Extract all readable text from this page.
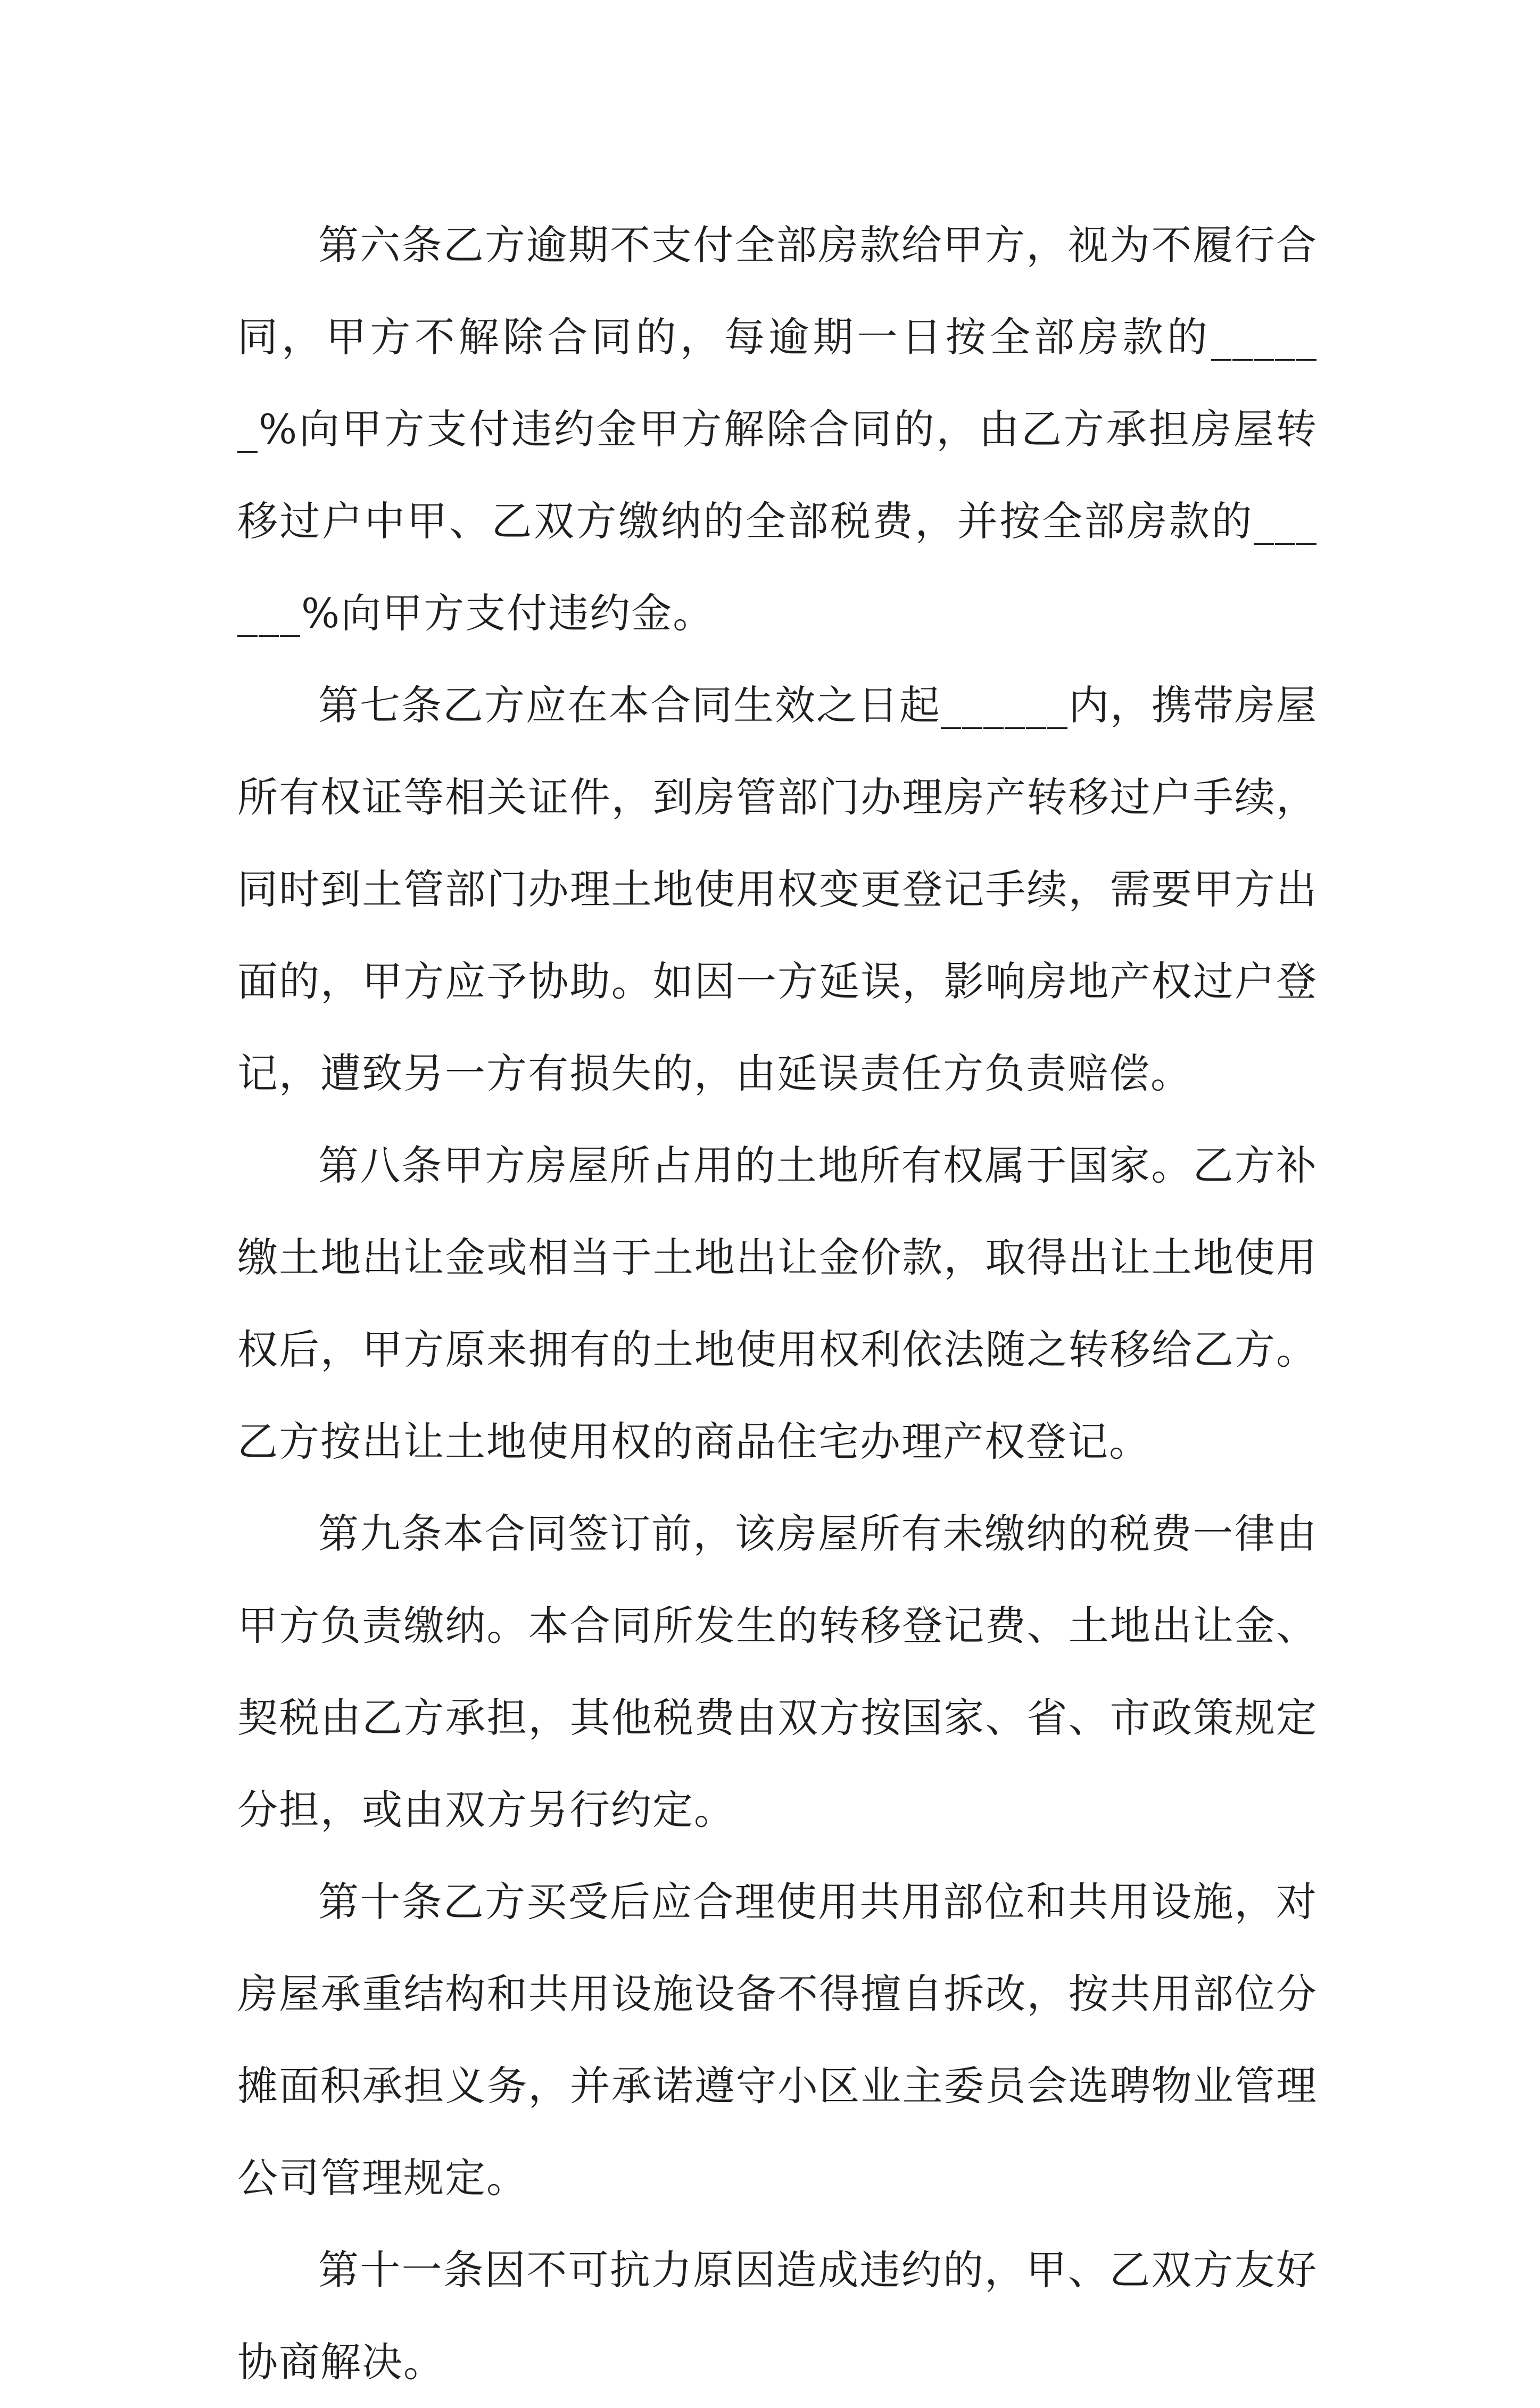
第六条乙方逾期不支付全部房款给甲方，视为不履行合同，甲方不解除合同的，每逾期一日按全部房款的______%向甲方支付违约金甲方解除合同的，由乙方承担房屋转移过户中甲、乙双方缴纳的全部税费，并按全部房款的______%向甲方支付违约金。

第七条乙方应在本合同生效之日起______内，携带房屋所有权证等相关证件，到房管部门办理房产转移过户手续，同时到土管部门办理土地使用权变更登记手续，需要甲方出面的，甲方应予协助。如因一方延误，影响房地产权过户登记，遭致另一方有损失的，由延误责任方负责赔偿。

第八条甲方房屋所占用的土地所有权属于国家。乙方补缴土地出让金或相当于土地出让金价款，取得出让土地使用权后，甲方原来拥有的土地使用权利依法随之转移给乙方。乙方按出让土地使用权的商品住宅办理产权登记。

第九条本合同签订前，该房屋所有未缴纳的税费一律由甲方负责缴纳。本合同所发生的转移登记费、土地出让金、契税由乙方承担，其他税费由双方按国家、省、市政策规定分担，或由双方另行约定。

第十条乙方买受后应合理使用共用部位和共用设施，对房屋承重结构和共用设施设备不得擅自拆改，按共用部位分摊面积承担义务，并承诺遵守小区业主委员会选聘物业管理公司管理规定。

第十一条因不可抗力原因造成违约的，甲、乙双方友好协商解决。
